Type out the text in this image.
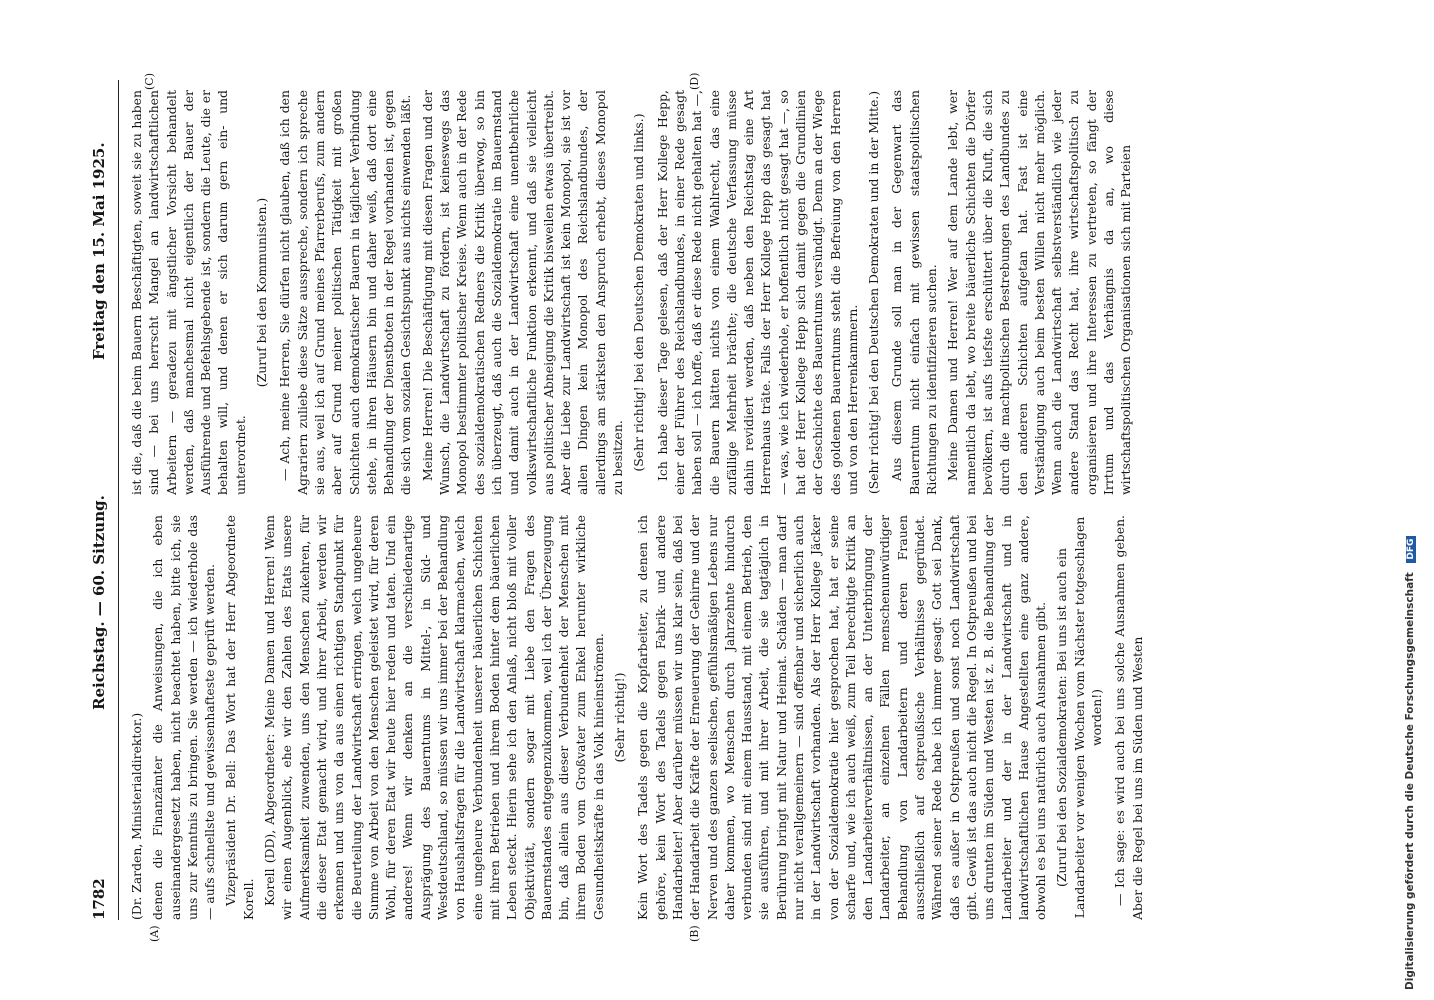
1782
Reichstag. — 60. Sitzung.
Freitag den 15. Mai 1925.
(A)	(B)
(C)	(D)

(Dr. Zarden, Ministerialdirektor.) denen die Finanzämter die Anweisungen, die ich eben auseinandergesetzt haben, nicht beachtet haben, bitte ich, sie uns zur Kenntnis zu bringen. Sie werden — ich wiederhole das — aufs schnellste und gewissenhafteste geprüft werden. Vizepräsident Dr. Bell: Das Wort hat der Herr Abgeordnete Korell. Korell (DD), Abgeordneter: Meine Damen und Herren! Wenn wir einen Augenblick, ehe wir den Zahlen des Etats unsere Aufmerksamkeit zuwenden, uns den Menschen zukehren, für die dieser Etat gemacht wird, und ihrer Arbeit, werden wir erkennen und uns von da aus einen richtigen Standpunkt für die Beurteilung der Landwirtschaft erringen, welch ungeheure Summe von Arbeit von den Menschen geleistet wird, für deren Wohl, für deren Etat wir heute hier reden und taten. Und ein anderes! Wenn wir denken an die verschiedenartige Ausprägung des Bauerntums in Mittel-, in Süd- und Westdeutschland, so müssen wir uns immer bei der Behandlung von Haushaltsfragen für die Landwirtschaft klarmachen, welch eine ungeheure Verbundenheit unserer bäuerlichen Schichten mit ihren Betrieben und ihrem Boden hinter dem bäuerlichen Leben steckt. Hierin sehe ich den Anlaß, nicht bloß mit voller Objektivität, sondern sogar mit Liebe den Fragen des Bauernstandes entgegenzukommen, weil ich der Überzeugung bin, daß allein aus dieser Verbundenheit der Menschen mit ihrem Boden vom Großvater zum Enkel herunter wirkliche Gesundheitskräfte in das Volk hineinströmen. (Sehr richtig!) Kein Wort des Tadels gegen die Kopfarbeiter, zu denen ich gehöre, kein Wort des Tadels gegen Fabrik- und andere Handarbeiter! Aber darüber müssen wir uns klar sein, daß bei der Handarbeit die Kräfte der Erneuerung der Gehirne und der Nerven und des ganzen seelischen, gefühlsmäßigen Lebens nur daher kommen, wo Menschen durch Jahrzehnte hindurch verbunden sind mit einem Hausstand, mit einem Betrieb, den sie ausführen, und mit ihrer Arbeit, die sie tagtäglich in Berührung bringt mit Natur und Heimat. Schäden — man darf nur nicht verallgemeinern — sind offenbar und sicherlich auch in der Landwirtschaft vorhanden. Als der Herr Kollege Jäcker von der Sozialdemokratie hier gesprochen hat, hat er seine scharfe und, wie ich auch weiß, zum Teil berechtigte Kritik an den Landarbeiterverhältnissen, an der Unterbringung der Landarbeiter, an einzelnen Fällen menschenunwürdiger Behandlung von Landarbeitern und deren Frauen ausschließlich auf ostpreußische Verhältnisse gegründet. Während seiner Rede habe ich immer gesagt: Gott sei Dank, daß es außer in Ostpreußen und sonst noch Landwirtschaft gibt. Gewiß ist das auch nicht die Regel. In Ostpreußen und bei uns drunten im Süden und Westen ist z. B. die Behandlung der Landarbeiter und der in der Landwirtschaft und in landwirtschaftlichen Hause Angestellten eine ganz andere, obwohl es bei uns natürlich auch Ausnahmen gibt. (Zuruf bei den Sozialdemokraten: Bei uns ist auch ein Landarbeiter vor wenigen Wochen vom Nächster totgeschlagen worden!) — Ich sage: es wird auch bei uns solche Ausnahmen geben. Aber die Regel bei uns im Süden und Westen

ist die, daß die beim Bauern Beschäftigten, soweit sie zu haben sind — bei uns herrscht Mangel an landwirtschaftlichen Arbeitern — geradezu mit ängstlicher Vorsicht behandelt werden, daß manchesmal nicht eigentlich der Bauer der Ausführende und Befehlsgebende ist, sondern die Leute, die er behalten will, und denen er sich darum gern ein- und unterordnet.

(Zuruf bei den Kommunisten.) — Ach, meine Herren, Sie dürfen nicht glauben, daß ich den Agrariern zuliebe diese Sätze ausspreche, sondern ich spreche sie aus, weil ich auf Grund meines Pfarrerberufs, zum andern aber auf Grund meiner politischen Tätigkeit mit großen Schichten auch demokratischer Bauern in täglicher Verbindung stehe, in ihren Häusern bin und daher weiß, daß dort eine Behandlung der Dienstboten in der Regel vorhanden ist, gegen die sich vom sozialen Gesichtspunkt aus nichts einwenden läßt. Meine Herren! Die Beschäftigung mit diesen Fragen und der Wunsch, die Landwirtschaft zu fördern, ist keineswegs das Monopol bestimmter politischer Kreise. Wenn auch in der Rede des sozialdemokratischen Redners die Kritik überwog, so bin ich überzeugt, daß auch die Sozialdemokratie im Bauernstand und damit auch in der Landwirtschaft eine unentbehrliche volkswirtschaftliche Funktion erkennt, und daß sie vielleicht aus politischer Abneigung die Kritik bisweilen etwas übertreibt. Aber die Liebe zur Landwirtschaft ist kein Monopol, sie ist vor allen Dingen kein Monopol des Reichslandbundes, der allerdings am stärksten den Anspruch erhebt, dieses Monopol zu besitzen. (Sehr richtig! bei den Deutschen Demokraten und links.) Ich habe dieser Tage gelesen, daß der Herr Kollege Hepp, einer der Führer des Reichslandbundes, in einer Rede gesagt haben soll — ich hoffe, daß er diese Rede nicht gehalten hat —, die Bauern hätten nichts von einem Wahlrecht, das eine zufällige Mehrheit brächte; die deutsche Verfassung müsse dahin revidiert werden, daß neben den Reichstag eine Art Herrenhaus träte. Falls der Herr Kollege Hepp das gesagt hat — was, wie ich wiederhole, er hoffentlich nicht gesagt hat —, so hat der Herr Kollege Hepp sich damit gegen die Grundlinien der Geschichte des Bauerntums versündigt. Denn an der Wiege des goldenen Bauerntums steht die Befreiung von den Herren und von den Herrenkammern. (Sehr richtig! bei den Deutschen Demokraten und in der Mitte.) Aus diesem Grunde soll man in der Gegenwart das Bauerntum nicht einfach mit gewissen staatspolitischen Richtungen zu identifizieren suchen. Meine Damen und Herren! Wer auf dem Lande lebt, wer namentlich da lebt, wo breite bäuerliche Schichten die Dörfer bevölkern, ist aufs tiefste erschüttert über die Kluft, die sich durch die machtpolitischen Bestrebungen des Landbundes zu den anderen Schichten aufgetan hat. Fast ist eine Verständigung auch beim besten Willen nicht mehr möglich. Wenn auch die Landwirtschaft selbstverständlich wie jeder andere Stand das Recht hat, ihre wirtschaftspolitisch zu organisieren und ihre Interessen zu vertreten, so fängt der Irrtum und das Verhängnis da an, wo diese wirtschaftspolitischen Organisationen sich mit Parteien

Digitalisierung gefördert durch die Deutsche Forschungsgemeinschaft DFG
